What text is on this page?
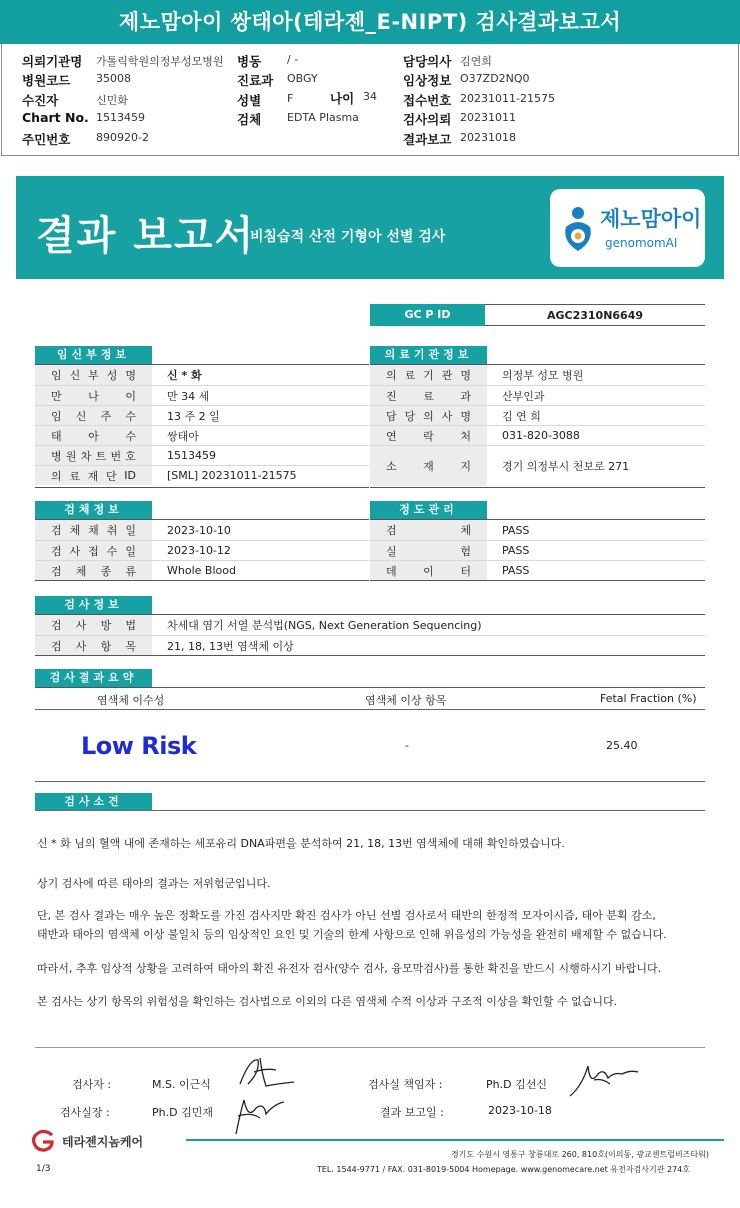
제노맘아이 쌍태아(테라젠_E-NIPT) 검사결과보고서
의뢰기관명 가톨릭학원의정부성모병원
병원코드 35008
수진자	신민화
Chart No. 1513459
주민번호 890920-2
병동 / -
진료과 OBGY
성별 F
검체 EDTA Plasma
담당의사 김연희
임상정보 O37ZD2NQ0
접수번호 20231011-21575
검사의뢰 20231011
결과보고 20231018
나이 34
결과 보고서
비침습적 산전 기형아 선별 검사
제노맘아이
genomomAI
GC P ID	AGC2310N6649
임신부정보
임 신 부 성 명	신 * 화
만 나 이	만 34 세
임 신 주 수	13 주 2 일
태 아 수	쌍태아
병 원 차 트 번 호	1513459
의 료 재 단 ID	[SML] 20231011-21575
의료기관정보
의 료 기 관 명	의정부 성모 병원
진 료 과	산부인과
담 당 의 사 명	김 연 희
연 락 처	031-820-3088
소 재 지	경기 의정부시 천보로 271
검체정보
검 체 채 취 일	2023-10-10
검 사 접 수 일	2023-10-12
검 체 종 류	Whole Blood
정도관리
검	체	PASS
실	험	PASS
데 이 터	PASS
검사정보
검 사 방 법	차세대 염기 서열 분석법(NGS, Next Generation Sequencing)
검 사 항 목	21, 18, 13번 염색체 이상
검사결과요약
염색체 이수성	염색체 이상 항목	Fetal Fraction (%)
Low Risk	-	25.40
검사소견
신 * 화 님의 혈액 내에 존재하는 세포유리 DNA파편을 분석하여 21, 18, 13번 염색체에 대해 확인하였습니다.
상기 검사에 따른 태아의 결과는 저위험군입니다.
단, 본 검사 결과는 매우 높은 정확도를 가진 검사지만 확진 검사가 아닌 선별 검사로서 태반의 한정적 모자이시즘, 태아 분획 감소,
태반과 태아의 염색체 이상 불일치 등의 임상적인 요인 및 기술의 한계 사항으로 인해 위음성의 가능성을 완전히 배제할 수 없습니다.
따라서, 추후 임상적 상황을 고려하여 태아의 확진 유전자 검사(양수 검사, 융모막검사)를 통한 확진을 반드시 시행하시기 바랍니다.
본 검사는 상기 항목의 위험성을 확인하는 검사법으로 이외의 다른 염색체 수적 이상과 구조적 이상을 확인할 수 없습니다.
검사자 :	M.S. 이근식	검사실 책임자 :	Ph.D 김선신
검사실장 :	Ph.D 김민재	결과 보고일 :	2023-10-18
테라젠지놈케어
1/3
경기도 수원시 영통구 창룡대로 260, 810호(이의동, 광교센트럴비즈타워)
TEL. 1544-9771 / FAX. 031-8019-5004 Homepage. www.genomecare.net 유전자검사기관 274호
